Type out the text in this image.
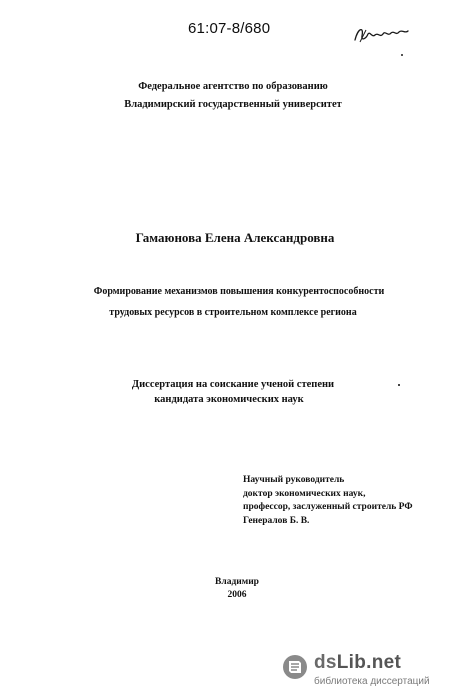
61:07-8/680
Федеральное агентство по образованию
Владимирский государственный университет
Гамаюнова Елена Александровна
Формирование механизмов повышения конкурентоспособности
трудовых ресурсов в строительном комплексе региона
Диссертация на соискание ученой степени
кандидата экономических наук
Научный руководитель
доктор экономических наук,
профессор, заслуженный строитель РФ
Генералов Б. В.
Владимир
2006
dsLib.net
библиотека диссертаций
